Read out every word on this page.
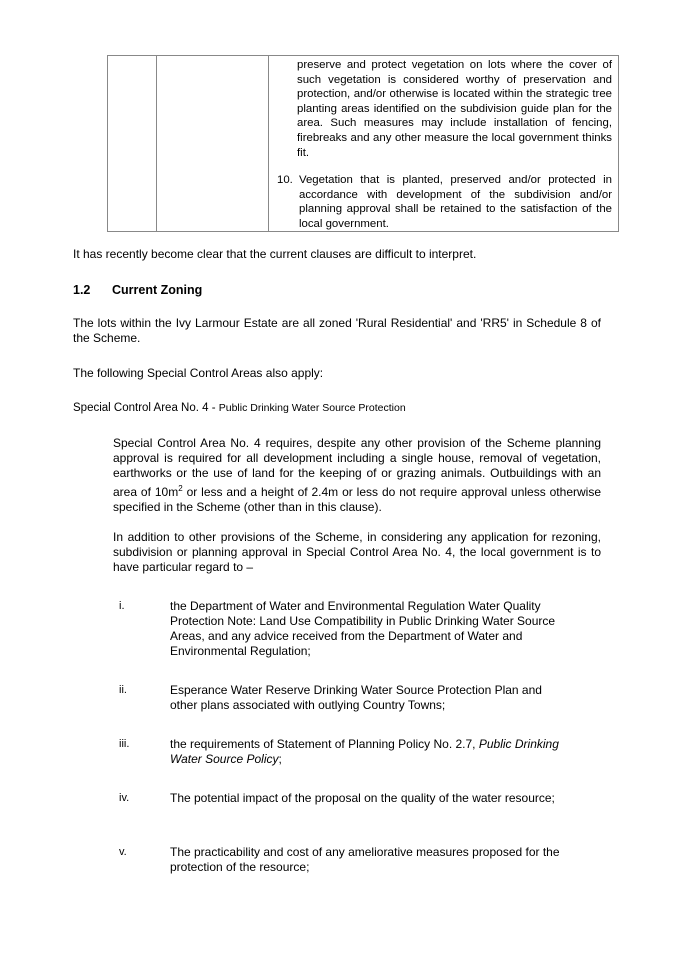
preserve and protect vegetation on lots where the cover of such vegetation is considered worthy of preservation and protection, and/or otherwise is located within the strategic tree planting areas identified on the subdivision guide plan for the area. Such measures may include installation of fencing, firebreaks and any other measure the local government thinks fit.
10. Vegetation that is planted, preserved and/or protected in accordance with development of the subdivision and/or planning approval shall be retained to the satisfaction of the local government.
It has recently become clear that the current clauses are difficult to interpret.
1.2 Current Zoning
The lots within the Ivy Larmour Estate are all zoned 'Rural Residential' and 'RR5' in Schedule 8 of the Scheme.
The following Special Control Areas also apply:
Special Control Area No. 4 - Public Drinking Water Source Protection
Special Control Area No. 4 requires, despite any other provision of the Scheme planning approval is required for all development including a single house, removal of vegetation, earthworks or the use of land for the keeping of or grazing animals. Outbuildings with an area of $10m^2$ or less and a height of 2.4m or less do not require approval unless otherwise specified in the Scheme (other than in this clause).
In addition to other provisions of the Scheme, in considering any application for rezoning, subdivision or planning approval in Special Control Area No. 4, the local government is to have particular regard to –
i.	the Department of Water and Environmental Regulation Water Quality Protection Note: Land Use Compatibility in Public Drinking Water Source Areas, and any advice received from the Department of Water and Environmental Regulation;
ii.	Esperance Water Reserve Drinking Water Source Protection Plan and other plans associated with outlying Country Towns;
iii.	the requirements of Statement of Planning Policy No. 2.7, Public Drinking Water Source Policy;
iv.	The potential impact of the proposal on the quality of the water resource;
v.	The practicability and cost of any ameliorative measures proposed for the protection of the resource;
